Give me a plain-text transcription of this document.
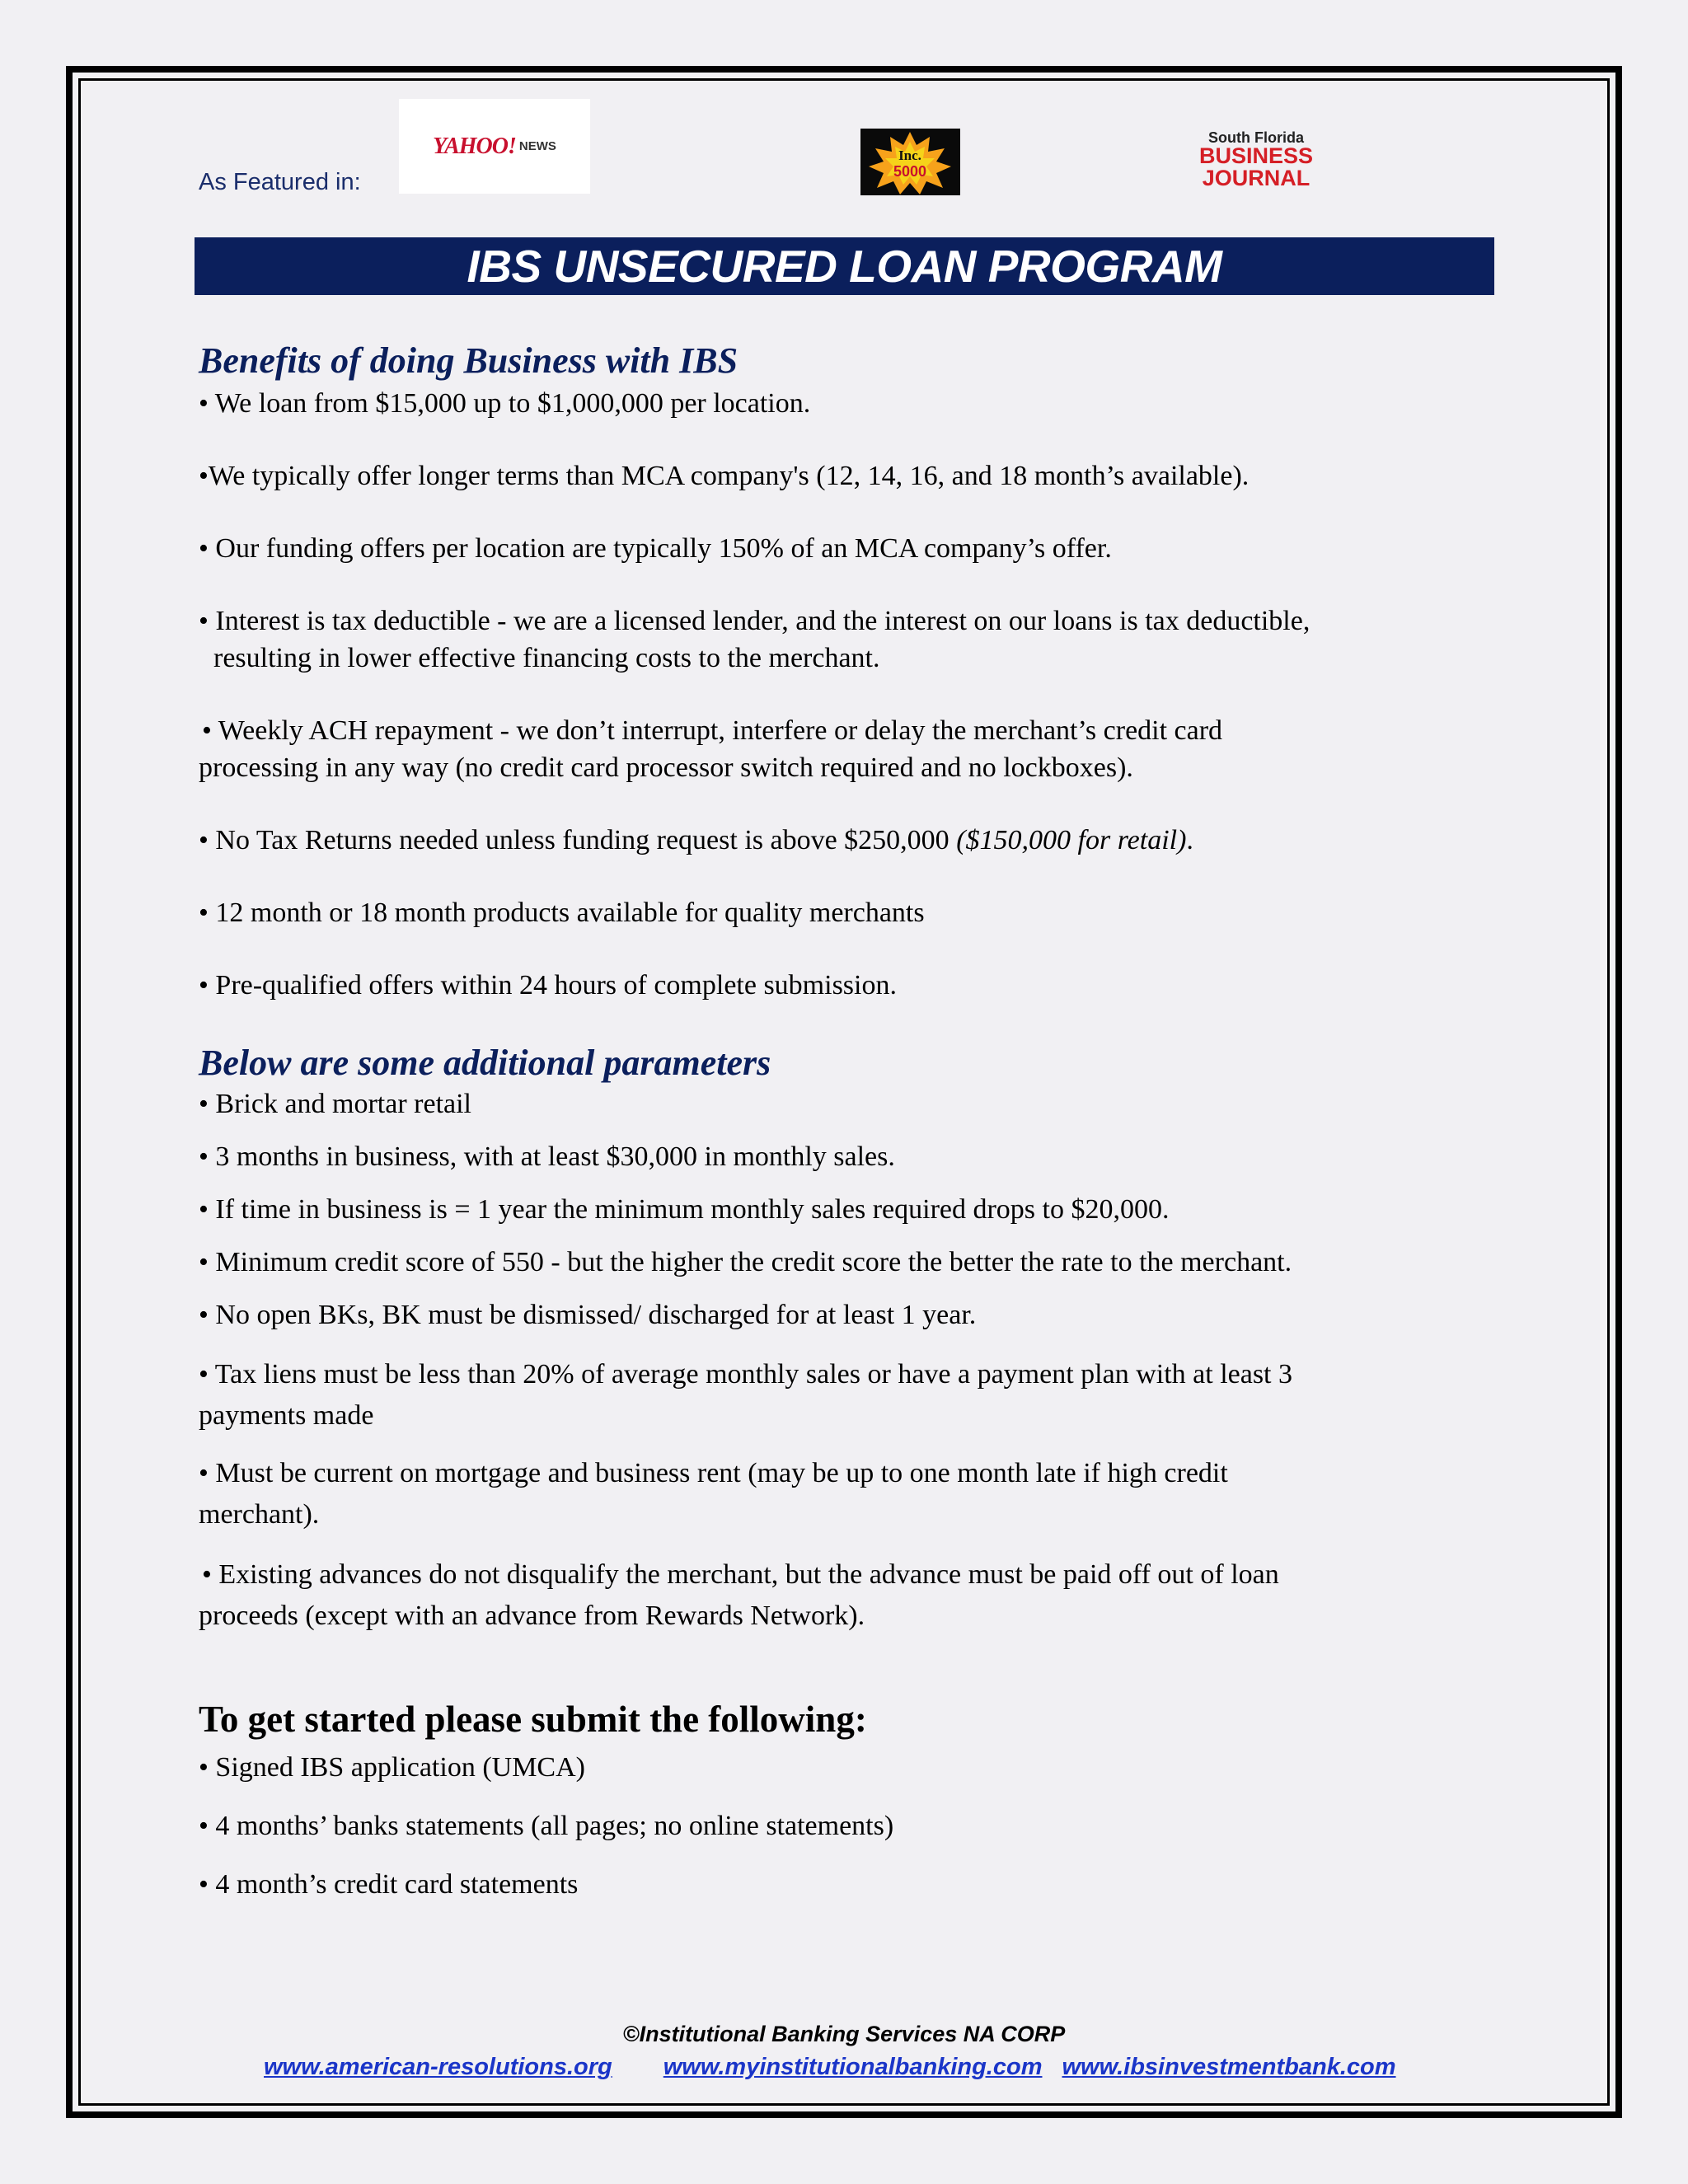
As Featured in:
YAHOO! NEWS
Inc.
5000
South Florida
BUSINESS
JOURNAL
IBS UNSECURED LOAN PROGRAM
Benefits of doing Business with IBS
• We loan from $15,000 up to $1,000,000 per location.
•We typically offer longer terms than MCA company's (12, 14, 16, and 18 month’s available).
• Our funding offers per location are typically 150% of an MCA company’s offer.
• Interest is tax deductible - we are a licensed lender, and the interest on our loans is tax deductible,
resulting in lower effective financing costs to the merchant.
• Weekly ACH repayment - we don’t interrupt, interfere or delay the merchant’s credit card
processing in any way (no credit card processor switch required and no lockboxes).
• No Tax Returns needed unless funding request is above $250,000 ($150,000 for retail).
• 12 month or 18 month products available for quality merchants
• Pre-qualified offers within 24 hours of complete submission.
Below are some additional parameters
• Brick and mortar retail
• 3 months in business, with at least $30,000 in monthly sales.
• If time in business is = 1 year the minimum monthly sales required drops to $20,000.
• Minimum credit score of 550 - but the higher the credit score the better the rate to the merchant.
• No open BKs, BK must be dismissed/ discharged for at least 1 year.
• Tax liens must be less than 20% of average monthly sales or have a payment plan with at least 3
payments made
• Must be current on mortgage and business rent (may be up to one month late if high credit
merchant).
• Existing advances do not disqualify the merchant, but the advance must be paid off out of loan
proceeds (except with an advance from Rewards Network).
To get started please submit the following:
• Signed IBS application (UMCA)
• 4 months’ banks statements (all pages; no online statements)
• 4 month’s credit card statements
©Institutional Banking Services NA CORP
www.american-resolutions.org www.myinstitutionalbanking.com www.ibsinvestmentbank.com
